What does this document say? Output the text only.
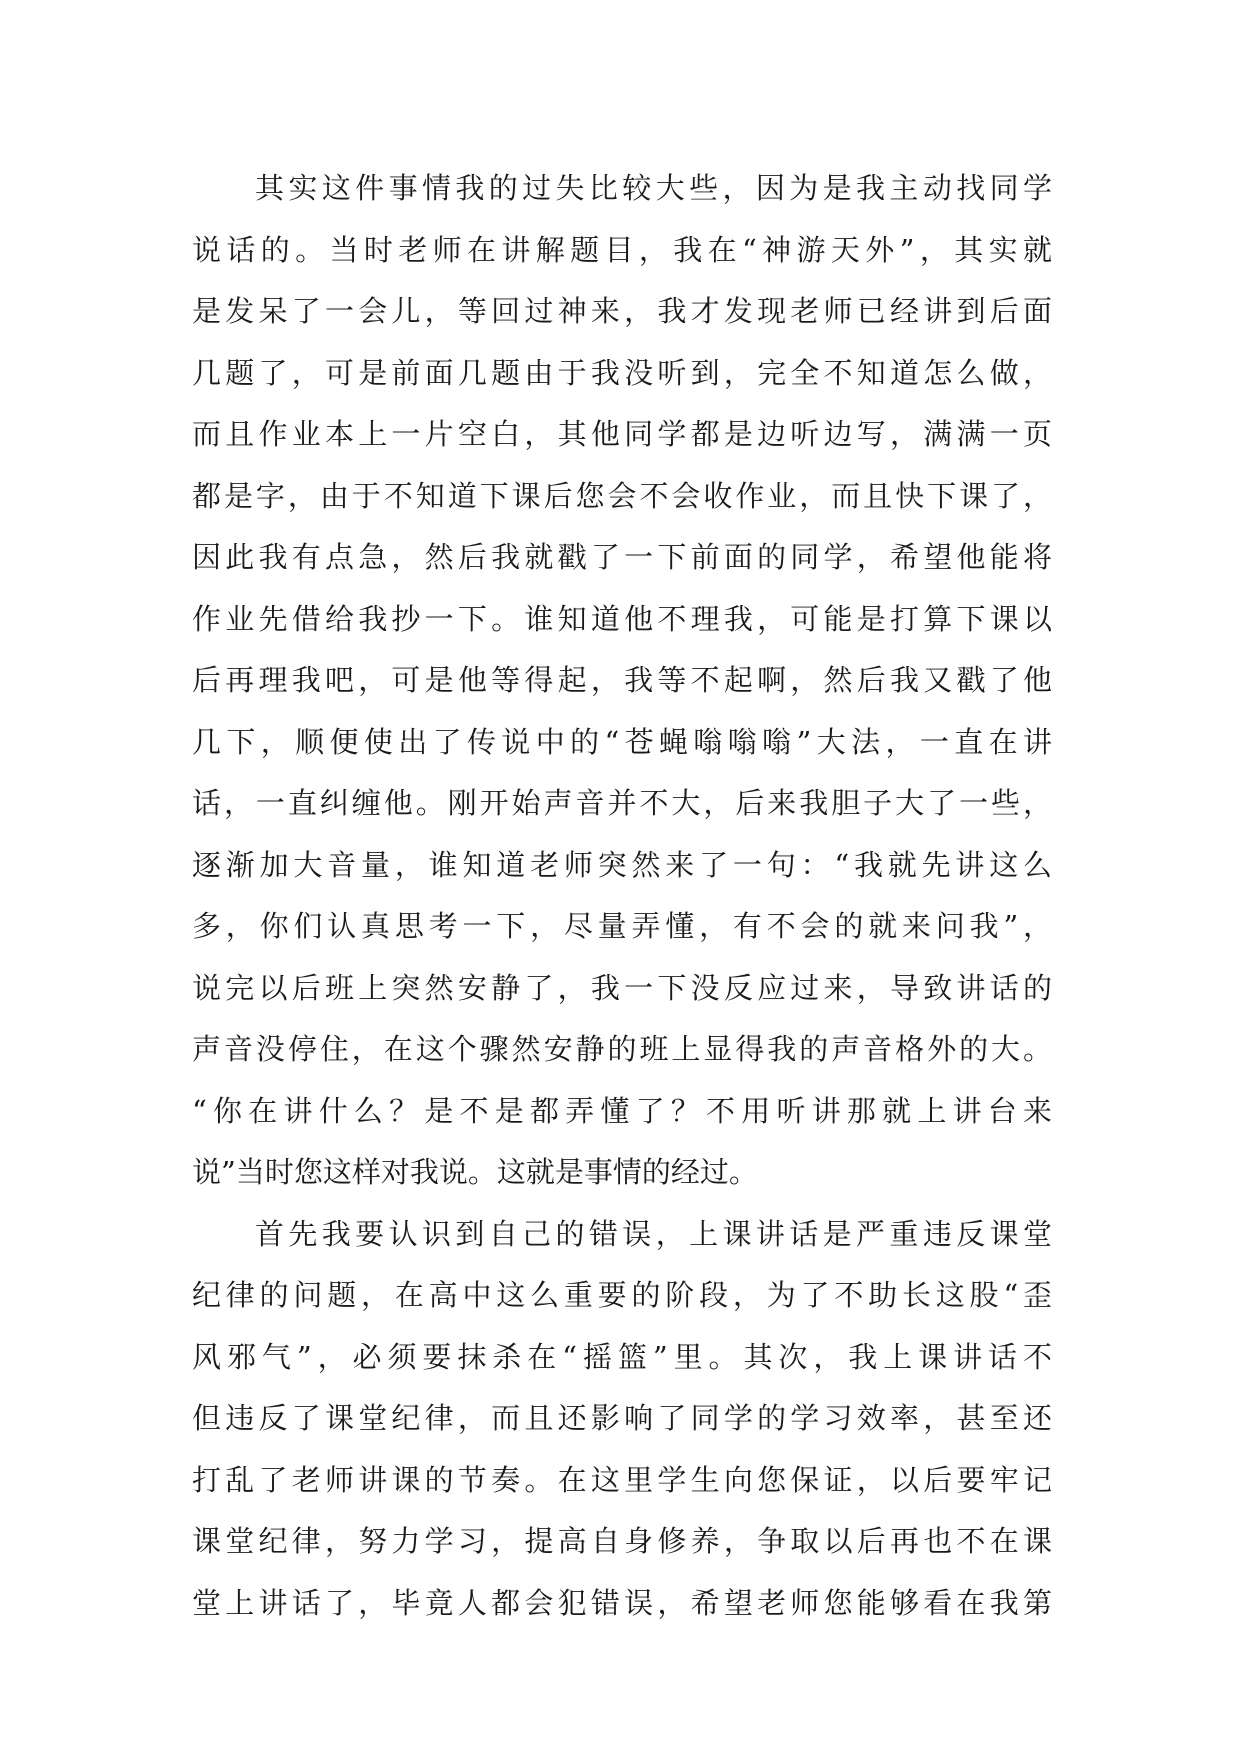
其实这件事情我的过失比较大些，因为是我主动找同学
说话的。当时老师在讲解题目，我在“神游天外”，其实就
是发呆了一会儿，等回过神来，我才发现老师已经讲到后面
几题了，可是前面几题由于我没听到，完全不知道怎么做，
而且作业本上一片空白，其他同学都是边听边写，满满一页
都是字，由于不知道下课后您会不会收作业，而且快下课了，
因此我有点急，然后我就戳了一下前面的同学，希望他能将
作业先借给我抄一下。谁知道他不理我，可能是打算下课以
后再理我吧，可是他等得起，我等不起啊，然后我又戳了他
几下，顺便使出了传说中的“苍蝇嗡嗡嗡”大法，一直在讲
话，一直纠缠他。刚开始声音并不大，后来我胆子大了一些，
逐渐加大音量，谁知道老师突然来了一句：“我就先讲这么
多，你们认真思考一下，尽量弄懂，有不会的就来问我”，
说完以后班上突然安静了，我一下没反应过来，导致讲话的
声音没停住，在这个骤然安静的班上显得我的声音格外的大。
“你在讲什么？是不是都弄懂了？不用听讲那就上讲台来
说”当时您这样对我说。这就是事情的经过。
首先我要认识到自己的错误，上课讲话是严重违反课堂
纪律的问题，在高中这么重要的阶段，为了不助长这股“歪
风邪气”，必须要抹杀在“摇篮”里。其次，我上课讲话不
但违反了课堂纪律，而且还影响了同学的学习效率，甚至还
打乱了老师讲课的节奏。在这里学生向您保证，以后要牢记
课堂纪律，努力学习，提高自身修养，争取以后再也不在课
堂上讲话了，毕竟人都会犯错误，希望老师您能够看在我第
